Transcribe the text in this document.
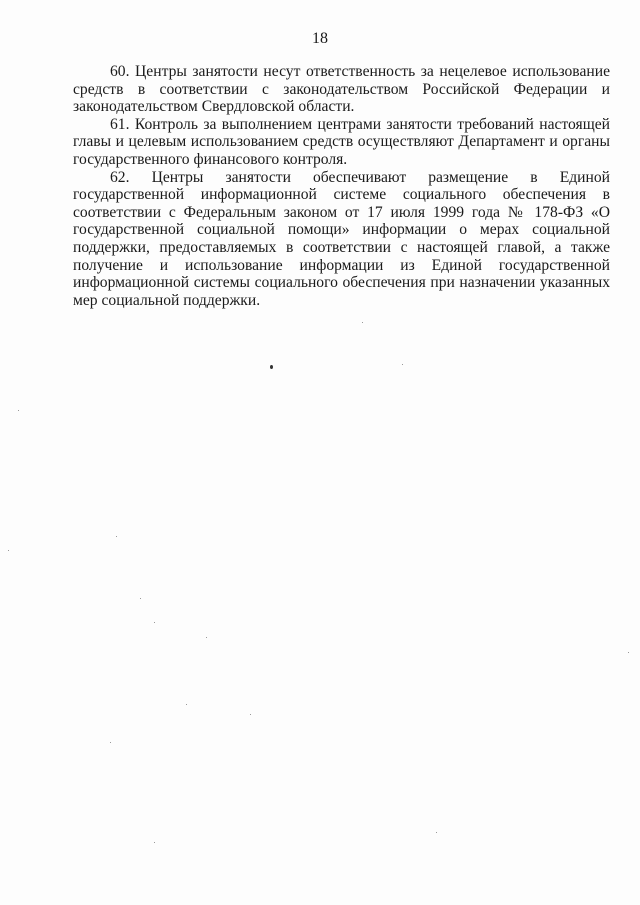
18

60. Центры занятости несут ответственность за нецелевое использование средств в соответствии с законодательством Российской Федерации и законодательством Свердловской области.

61. Контроль за выполнением центрами занятости требований настоящей главы и целевым использованием средств осуществляют Департамент и органы государственного финансового контроля.

62. Центры занятости обеспечивают размещение в Единой государственной информационной системе социального обеспечения в соответствии с Федеральным законом от 17 июля 1999 года № 178-ФЗ «О государственной социальной помощи» информации о мерах социальной поддержки, предоставляемых в соответствии с настоящей главой, а также получение и использование информации из Единой государственной информационной системы социального обеспечения при назначении указанных мер социальной поддержки.
